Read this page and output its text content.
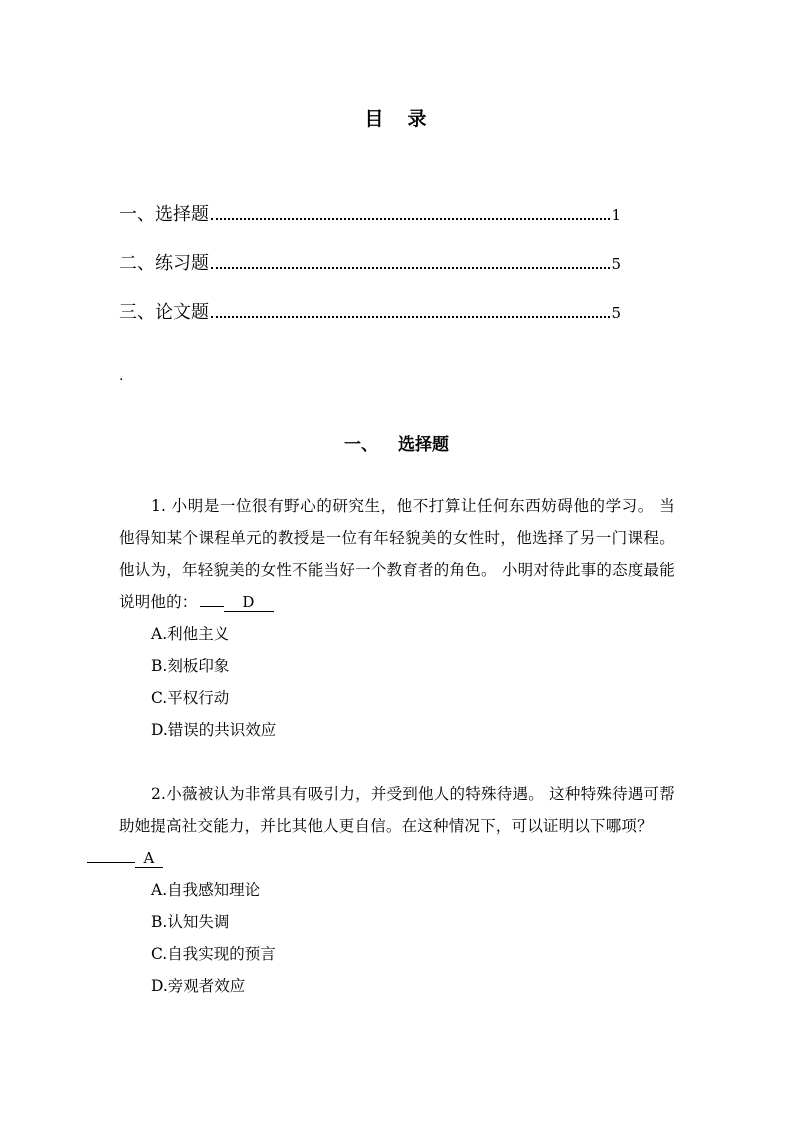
目 录
一、选择题	1
二、练习题	5
三、论文题	5
.
一、 选择题
1. 小明是一位很有野心的研究生，他不打算让任何东西妨碍他的学习。 当他得知某个课程单元的教授是一位有年轻貌美的女性时，他选择了另一门课程。他认为，年轻貌美的女性不能当好一个教育者的角色。 小明对待此事的态度最能说明他的：	D
A.利他主义
B.刻板印象
C.平权行动
D.错误的共识效应
2.小薇被认为非常具有吸引力，并受到他人的特殊待遇。 这种特殊待遇可帮助她提高社交能力，并比其他人更自信。在这种情况下，可以证明以下哪项？
A
A.自我感知理论
B.认知失调
C.自我实现的预言
D.旁观者效应
